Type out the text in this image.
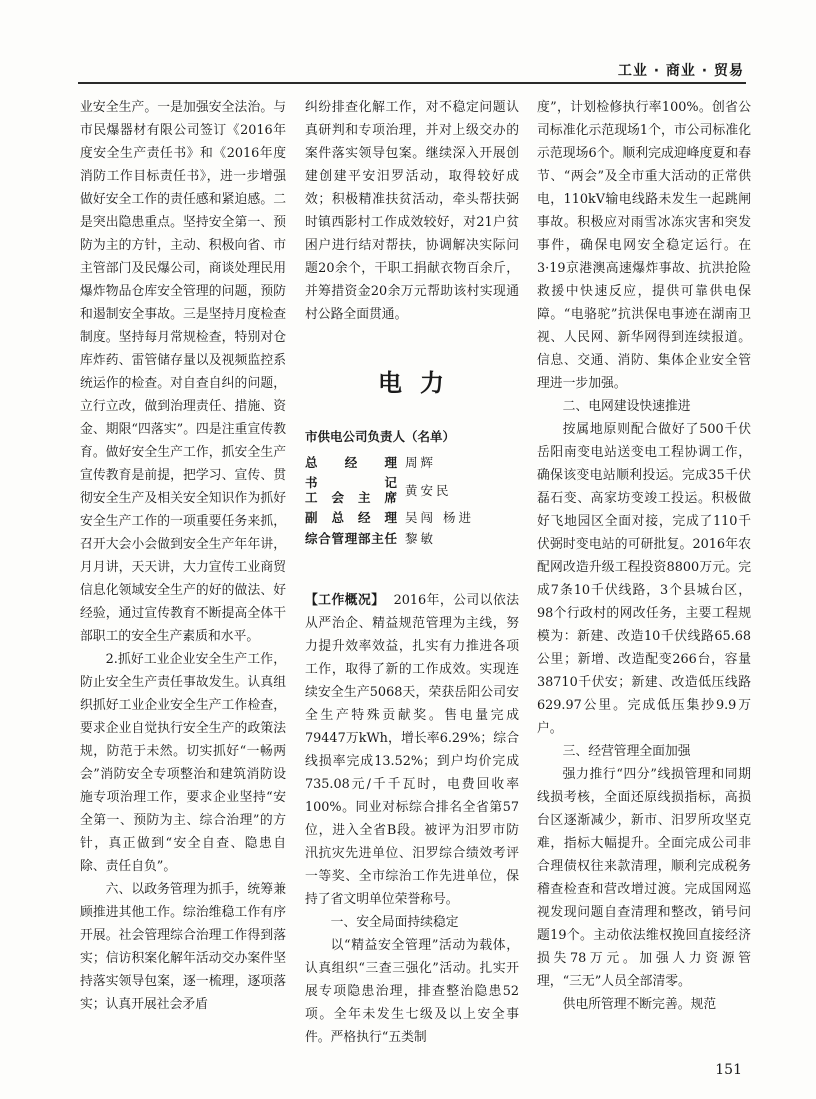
工业 · 商业 · 贸易

业安全生产。一是加强安全法治。与市民爆器材有限公司签订《2016年度安全生产责任书》和《2016年度消防工作目标责任书》，进一步增强做好安全工作的责任感和紧迫感。二是突出隐患重点。坚持安全第一、预防为主的方针，主动、积极向省、市主管部门及民爆公司，商谈处理民用爆炸物品仓库安全管理的问题，预防和遏制安全事故。三是坚持月度检查制度。坚持每月常规检查，特别对仓库炸药、雷管储存量以及视频监控系统运作的检查。对自查自纠的问题，立行立改，做到治理责任、措施、资金、期限“四落实”。四是注重宣传教育。做好安全生产工作，抓安全生产宣传教育是前提，把学习、宣传、贯彻安全生产及相关安全知识作为抓好安全生产工作的一项重要任务来抓，召开大会小会做到安全生产年年讲，月月讲，天天讲，大力宣传工业商贸信息化领域安全生产的好的做法、好经验，通过宣传教育不断提高全体干部职工的安全生产素质和水平。

2.抓好工业企业安全生产工作，防止安全生产责任事故发生。认真组织抓好工业企业安全生产工作检查，要求企业自觉执行安全生产的政策法规，防范于未然。切实抓好“一畅两会”消防安全专项整治和建筑消防设施专项治理工作，要求企业坚持“安全第一、预防为主、综合治理”的方针，真正做到“安全自查、隐患自除、责任自负”。

六、以政务管理为抓手，统筹兼顾推进其他工作。综治维稳工作有序开展。社会管理综合治理工作得到落实；信访积案化解年活动交办案件坚持落实领导包案，逐一梳理，逐项落实；认真开展社会矛盾

纠纷排查化解工作，对不稳定问题认真研判和专项治理，并对上级交办的案件落实领导包案。继续深入开展创建创建平安汨罗活动，取得较好成效；积极精准扶贫活动，牵头帮扶弼时镇西影村工作成效较好，对21户贫困户进行结对帮扶，协调解决实际问题20余个，干职工捐献衣物百余斤，并筹措资金20余万元帮助该村实现通村公路全面贯通。

电力
市供电公司负责人（名单）
总经理 周辉
书记
工会主席 黄安民
副总经理 吴闯 杨进
综合管理部主任 黎敏

【工作概况】 2016年，公司以依法从严治企、精益规范管理为主线，努力提升效率效益，扎实有力推进各项工作，取得了新的工作成效。实现连续安全生产5068天，荣获岳阳公司安全生产特殊贡献奖。售电量完成79447万kWh，增长率6.29%；综合线损率完成13.52%；到户均价完成735.08元/千千瓦时，电费回收率100%。同业对标综合排名全省第57位，进入全省B段。被评为汨罗市防汛抗灾先进单位、汨罗综合绩效考评一等奖、全市综治工作先进单位，保持了省文明单位荣誉称号。

一、安全局面持续稳定

以“精益安全管理”活动为载体，认真组织“三查三强化”活动。扎实开展专项隐患治理，排查整治隐患52项。全年未发生七级及以上安全事件。严格执行“五类制

度”，计划检修执行率100%。创省公司标准化示范现场1个，市公司标准化示范现场6个。顺利完成迎峰度夏和春节、“两会”及全市重大活动的正常供电，110kV输电线路未发生一起跳闸事故。积极应对雨雪冰冻灾害和突发事件，确保电网安全稳定运行。在3·19京港澳高速爆炸事故、抗洪抢险救援中快速反应，提供可靠供电保障。“电骆驼”抗洪保电事迹在湖南卫视、人民网、新华网得到连续报道。信息、交通、消防、集体企业安全管理进一步加强。

二、电网建设快速推进

按属地原则配合做好了500千伏岳阳南变电站送变电工程协调工作，确保该变电站顺利投运。完成35千伏磊石变、高家坊变竣工投运。积极做好飞地园区全面对接，完成了110千伏弼时变电站的可研批复。2016年农配网改造升级工程投资8800万元。完成7条10千伏线路，3个县城台区，98个行政村的网改任务，主要工程规模为：新建、改造10千伏线路65.68公里；新增、改造配变266台，容量38710千伏安；新建、改造低压线路629.97公里。完成低压集抄9.9万户。

三、经营管理全面加强

强力推行“四分”线损管理和同期线损考核，全面还原线损指标，高损台区逐渐减少，新市、汨罗所攻坚克难，指标大幅提升。全面完成公司非合理债权往来款清理，顺利完成税务稽查检查和营改增过渡。完成国网巡视发现问题自查清理和整改，销号问题19个。主动依法维权挽回直接经济损失78万元。加强人力资源管理，“三无”人员全部清零。

供电所管理不断完善。规范

151
